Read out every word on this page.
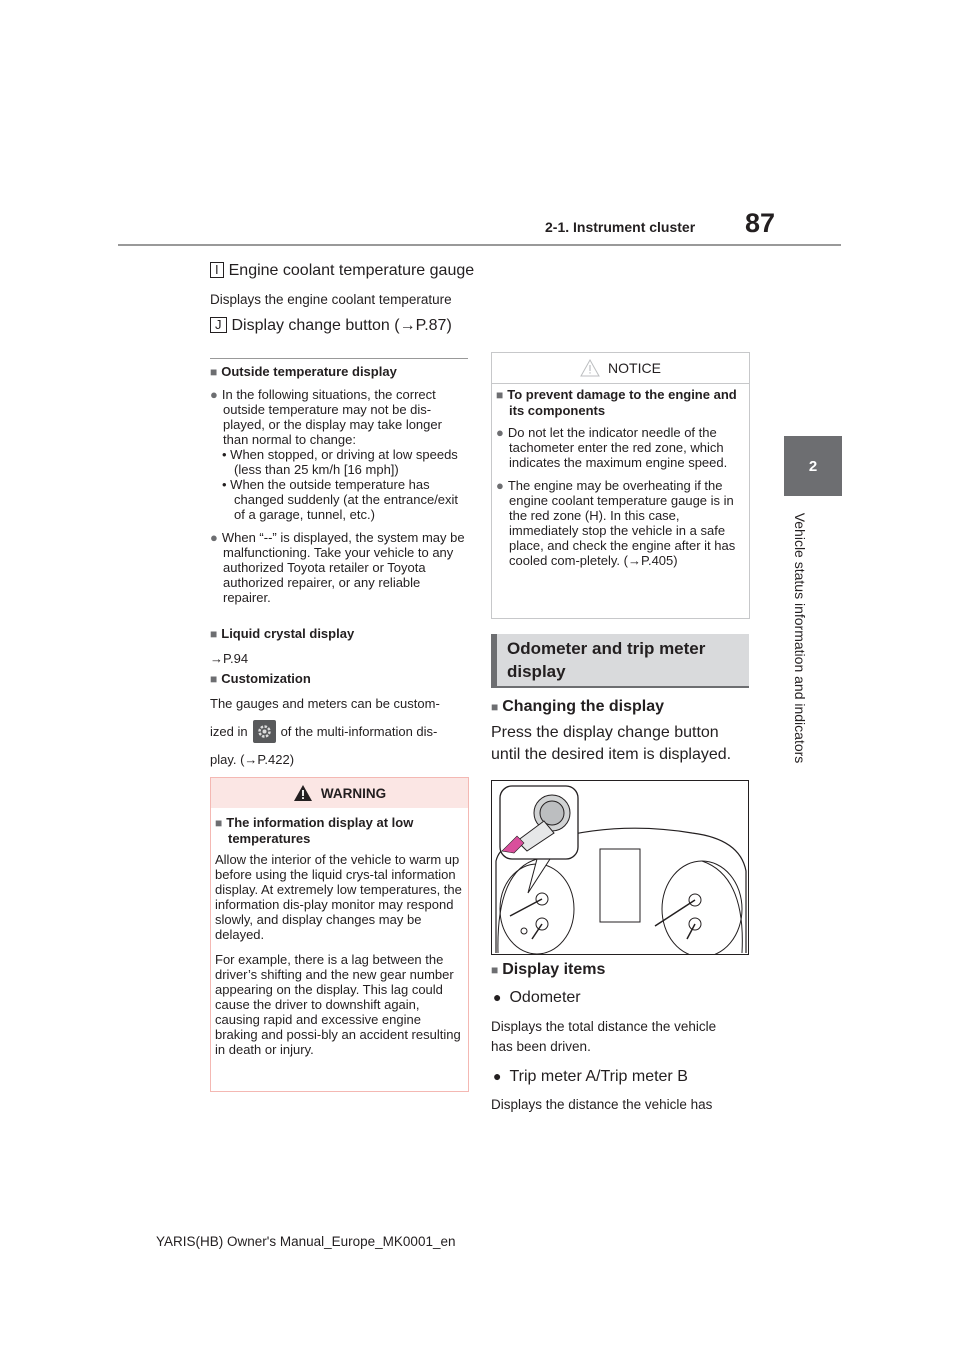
2-1. Instrument cluster 87
2
Vehicle status information and indicators
I Engine coolant temperature gauge
Displays the engine coolant temperature
J Display change button (→P.87)
■ Outside temperature display
● In the following situations, the correct outside temperature may not be dis-played, or the display may take longer than normal to change:
• When stopped, or driving at low speeds (less than 25 km/h [16 mph])
• When the outside temperature has changed suddenly (at the entrance/exit of a garage, tunnel, etc.)
● When “--” is displayed, the system may be malfunctioning. Take your vehicle to any authorized Toyota retailer or Toyota authorized repairer, or any reliable repairer.
■ Liquid crystal display
→P.94
■ Customization
The gauges and meters can be custom-
ized in	of the multi-information dis-
play. (→P.422)
WARNING
■ The information display at low temperatures
Allow the interior of the vehicle to warm up before using the liquid crys-tal information display. At extremely low temperatures, the information dis-play monitor may respond slowly, and display changes may be delayed.
For example, there is a lag between the driver’s shifting and the new gear number appearing on the display. This lag could cause the driver to downshift again, causing rapid and excessive engine braking and possi-bly an accident resulting in death or injury.
NOTICE
■ To prevent damage to the engine and its components
● Do not let the indicator needle of the tachometer enter the red zone, which indicates the maximum engine speed.
● The engine may be overheating if the engine coolant temperature gauge is in the red zone (H). In this case, immediately stop the vehicle in a safe place, and check the engine after it has cooled com-pletely. (→P.405)
Odometer and trip meter display
■ Changing the display
Press the display change button until the desired item is displayed.
■ Display items
● Odometer
Displays the total distance the vehicle has been driven.
● Trip meter A/Trip meter B
Displays the distance the vehicle has
YARIS(HB) Owner's Manual_Europe_MK0001_en
